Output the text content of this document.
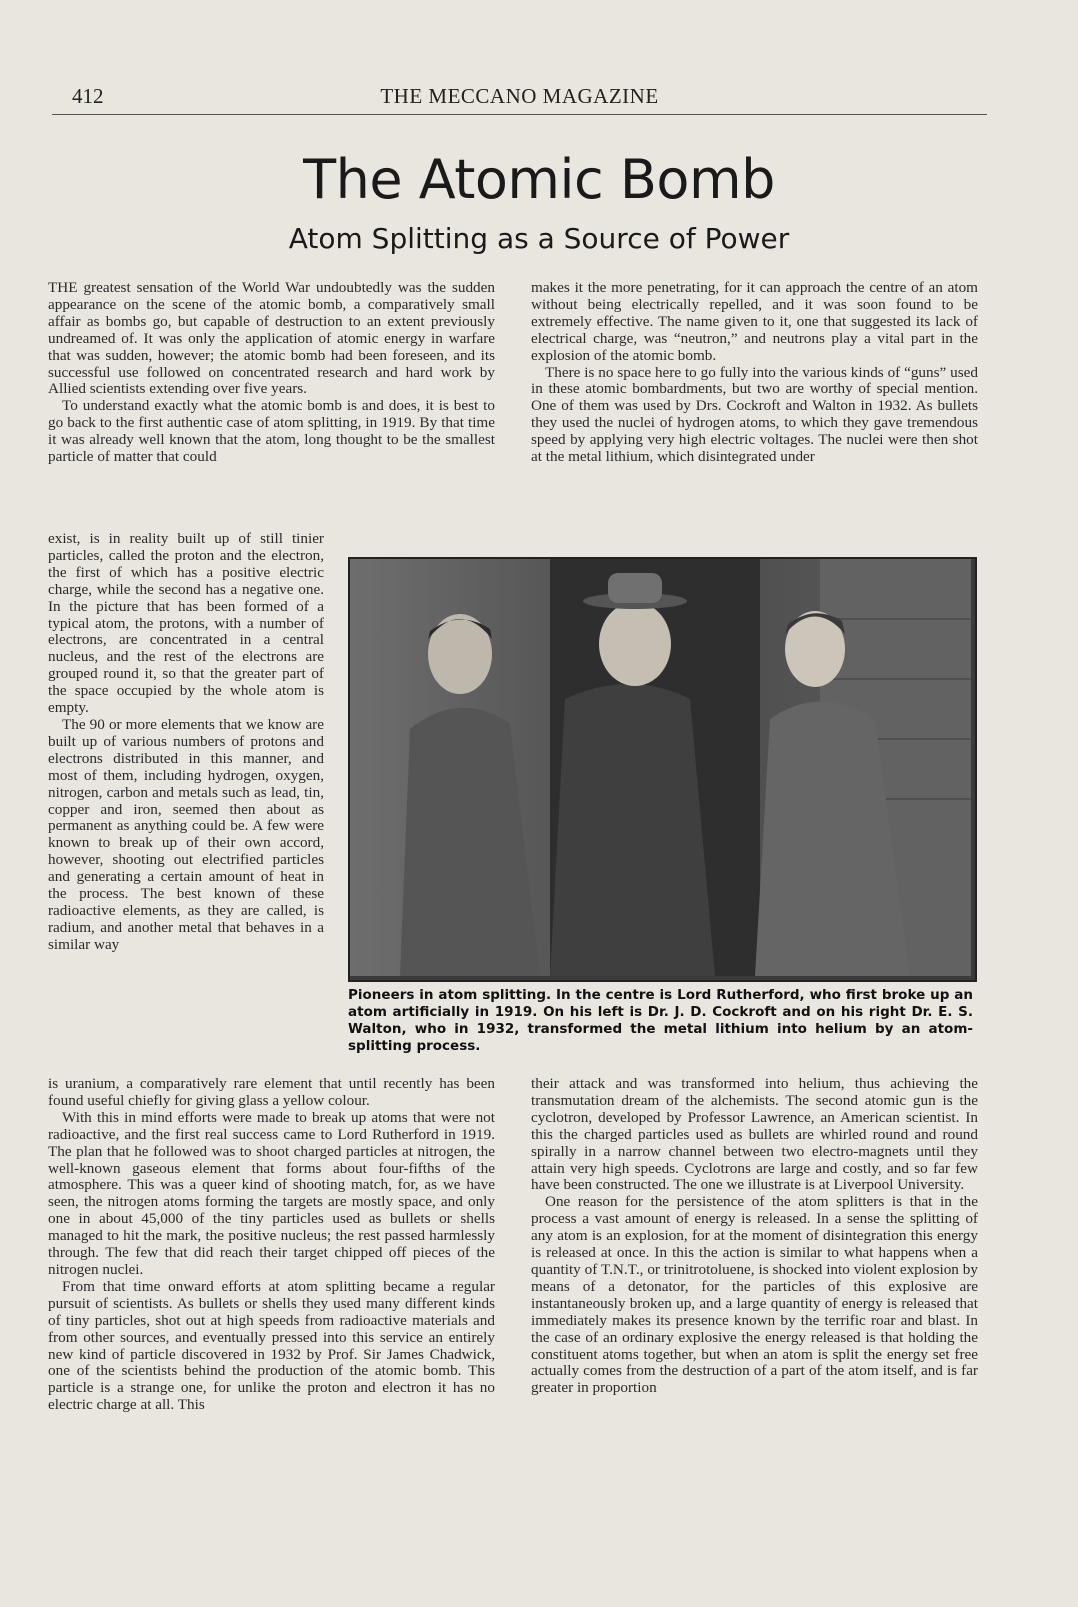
412	THE MECCANO MAGAZINE
The Atomic Bomb
Atom Splitting as a Source of Power

THE greatest sensation of the World War undoubtedly was the sudden appearance on the scene of the atomic bomb, a comparatively small affair as bombs go, but capable of destruction to an extent previously undreamed of. It was only the application of atomic energy in warfare that was sudden, however; the atomic bomb had been foreseen, and its successful use followed on concentrated research and hard work by Allied scientists extending over five years.

To understand exactly what the atomic bomb is and does, it is best to go back to the first authentic case of atom splitting, in 1919. By that time it was already well known that the atom, long thought to be the smallest particle of matter that could

exist, is in reality built up of still tinier particles, called the proton and the electron, the first of which has a positive electric charge, while the second has a negative one. In the picture that has been formed of a typical atom, the protons, with a number of electrons, are concentrated in a central nucleus, and the rest of the electrons are grouped round it, so that the greater part of the space occupied by the whole atom is empty.

The 90 or more elements that we know are built up of various numbers of protons and electrons distributed in this manner, and most of them, including hydrogen, oxygen, nitrogen, carbon and metals such as lead, tin, copper and iron, seemed then about as permanent as anything could be. A few were known to break up of their own accord, however, shooting out electrified particles and generating a certain amount of heat in the process. The best known of these radioactive elements, as they are called, is radium, and another metal that behaves in a similar way

is uranium, a comparatively rare element that until recently has been found useful chiefly for giving glass a yellow colour.

With this in mind efforts were made to break up atoms that were not radioactive, and the first real success came to Lord Rutherford in 1919. The plan that he followed was to shoot charged particles at nitrogen, the well-known gaseous element that forms about four-fifths of the atmosphere. This was a queer kind of shooting match, for, as we have seen, the nitrogen atoms forming the targets are mostly space, and only one in about 45,000 of the tiny particles used as bullets or shells managed to hit the mark, the positive nucleus; the rest passed harmlessly through. The few that did reach their target chipped off pieces of the nitrogen nuclei.

From that time onward efforts at atom splitting became a regular pursuit of scientists. As bullets or shells they used many different kinds of tiny particles, shot out at high speeds from radioactive materials and from other sources, and eventually pressed into this service an entirely new kind of particle discovered in 1932 by Prof. Sir James Chadwick, one of the scientists behind the production of the atomic bomb. This particle is a strange one, for unlike the proton and electron it has no electric charge at all. This

makes it the more penetrating, for it can approach the centre of an atom without being electrically repelled, and it was soon found to be extremely effective. The name given to it, one that suggested its lack of electrical charge, was “neutron,” and neutrons play a vital part in the explosion of the atomic bomb.

There is no space here to go fully into the various kinds of “guns” used in these atomic bombardments, but two are worthy of special mention. One of them was used by Drs. Cockroft and Walton in 1932. As bullets they used the nuclei of hydrogen atoms, to which they gave tremendous speed by applying very high electric voltages. The nuclei were then shot at the metal lithium, which disintegrated under

Pioneers in atom splitting. In the centre is Lord Rutherford, who first broke up an atom artificially in 1919. On his left is Dr. J. D. Cockroft and on his right Dr. E. S. Walton, who in 1932, transformed the metal lithium into helium by an atom-splitting process.

their attack and was transformed into helium, thus achieving the transmutation dream of the alchemists. The second atomic gun is the cyclotron, developed by Professor Lawrence, an American scientist. In this the charged particles used as bullets are whirled round and round spirally in a narrow channel between two electro-magnets until they attain very high speeds. Cyclotrons are large and costly, and so far few have been constructed. The one we illustrate is at Liverpool University.

One reason for the persistence of the atom splitters is that in the process a vast amount of energy is released. In a sense the splitting of any atom is an explosion, for at the moment of disintegration this energy is released at once. In this the action is similar to what happens when a quantity of T.N.T., or trinitrotoluene, is shocked into violent explosion by means of a detonator, for the particles of this explosive are instantaneously broken up, and a large quantity of energy is released that immediately makes its presence known by the terrific roar and blast. In the case of an ordinary explosive the energy released is that holding the constituent atoms together, but when an atom is split the energy set free actually comes from the destruction of a part of the atom itself, and is far greater in proportion
